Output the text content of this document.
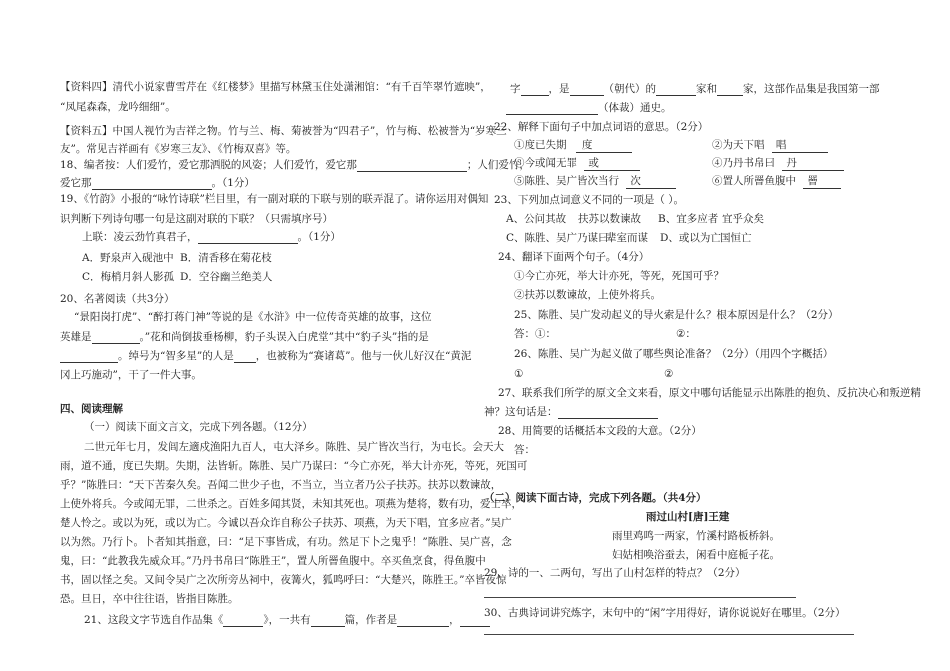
【资料四】清代小说家曹雪芹在《红楼梦》里描写林黛玉住处潇湘馆：“有千百竿翠竹遮映”，
“凤尾森森，龙吟细细”。
【资料五】中国人视竹为吉祥之物。竹与兰、梅、菊被誉为“四君子”，竹与梅、松被誉为“岁寒三
友”。常见吉祥画有《岁寒三友》、《竹梅双喜》等。
18、编者按：人们爱竹，爱它那洒脱的风姿；人们爱竹，爱它那	；人们爱竹，
爱它那	。（1分）
19、《竹韵》小报的“咏竹诗联”栏目里，有一副对联的下联与别的联弄混了。请你运用对偶知
识判断下列诗句哪一句是这副对联的下联？（只需填序号）
上联：凌云劲竹真君子，	。（1分）
A．野泉声入砚池中 B．清香移在菊花枝
C．梅梢月斜人影孤 D．空谷幽兰绝美人
20、名著阅读（共3分）
“景阳岗打虎”、“醉打蒋门神”等说的是《水浒》中一位传奇英雄的故事，这位
英雄是	。”花和尚倒拔垂杨柳，豹子头误入白虎堂”其中“豹子头”指的是
。绰号为“智多星”的人是 ，也被称为“赛诸葛”。他与一伙儿好汉在“黄泥
冈上巧施动”，干了一件大事。
四、阅读理解
（一）阅读下面文言文，完成下列各题。（12分）
二世元年七月，发闾左適戍渔阳九百人，屯大泽乡。陈胜、吴广皆次当行，为屯长。会天大
雨，道不通，度已失期。失期，法皆斩。陈胜、吴广乃谋曰：“今亡亦死，举大计亦死，等死，死国可
乎？”陈胜曰：“天下苦秦久矣。吾闻二世少子也，不当立，当立者乃公子扶苏。扶苏以数谏故，
上使外将兵。今或闻无罪，二世杀之。百姓多闻其贤，未知其死也。项燕为楚将，数有功，爱士卒，
楚人怜之。或以为死，或以为亡。今诚以吾众诈自称公子扶苏、项燕，为天下唱，宜多应者。”吴广
以为然。乃行卜。卜者知其指意，曰：“足下事皆成，有功。然足下卜之鬼乎！”陈胜、吴广喜，念
鬼，曰：“此教我先威众耳。”乃丹书帛曰“陈胜王”，置人所罾鱼腹中。卒买鱼烹食，得鱼腹中
书，固以怪之矣。又间令吴广之次所旁丛祠中，夜篝火，狐鸣呼曰：“大楚兴，陈胜王。”卒皆夜惊
恐。旦日，卒中往往语，皆指目陈胜。
21、这段文字节选自作品集《	》，一共有	篇，作者是	，
字	，是	（朝代）的	家和 家，这部作品集是我国第一部
（体裁）通史。
22、解释下面句子中加点词语的意思。（2分）
①度已失期 度	②为天下唱 唱
③今或闻无罪 或	④乃丹书帛曰 丹
⑤陈胜、吴广皆次当行 次	⑥置人所罾鱼腹中 罾
23、下列加点词意义不同的一项是（ ）。
A、公问其故 扶苏以数谏故 B、宜多应者 宜乎众矣
C、陈胜、吴广乃谋曰
辈室而谋 D、或以为亡 国恒亡
24、翻译下面两个句子。（4分）
①今亡亦死，举大计亦死，等死，死国可乎？
②扶苏以数谏故，上使外将兵。
25、陈胜、吴广发动起义的导火索是什么？根本原因是什么？（2分）
答：①：	②：
26、陈胜、吴广为起义做了哪些舆论准备？（2分）（用四个字概括）
①	②
27、联系我们所学的原文全文来看，原文中哪句话能显示出陈胜的抱负、反抗决心和叛逆精
神？这句话是：
28、用简要的话概括本文段的大意。（2分）
答：
（二）阅读下面古诗，完成下列各题。（共4分）
雨过山村[唐]王建
雨里鸡鸣一两家，竹溪村路板桥斜。
妇姑相唤浴蚕去，闲看中庭栀子花。
29、诗的一、二两句，写出了山村怎样的特点？（2分）
30、古典诗词讲究炼字，末句中的“闲”字用得好，请你说说好在哪里。（2分）
